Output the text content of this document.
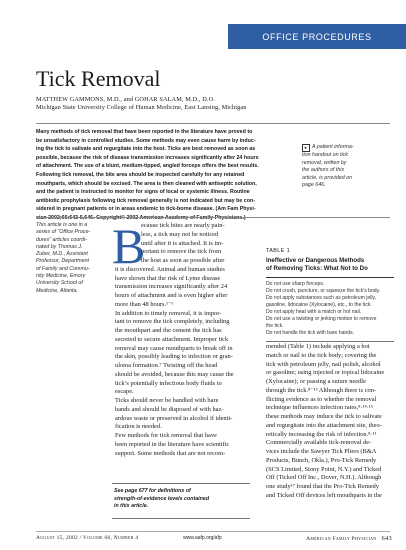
OFFICE PROCEDURES
Tick Removal
MATTHEW GAMMONS, M.D., and GOHAR SALAM, M.D., D.O.
Michigan State University College of Human Medicine, East Lansing, Michigan
Many methods of tick removal that have been reported in the literature have proved to
be unsatisfactory in controlled studies. Some methods may even cause harm by induc-
ing the tick to salivate and regurgitate into the host. Ticks are best removed as soon as
possible, because the risk of disease transmission increases significantly after 24 hours
of attachment. The use of a blunt, medium-tipped, angled forceps offers the best results.
Following tick removal, the bite area should be inspected carefully for any retained
mouthparts, which should be excised. The area is then cleaned with antiseptic solution,
and the patient is instructed to monitor for signs of local or systemic illness. Routine
antibiotic prophylaxis following tick removal generally is not indicated but may be con-
sidered in pregnant patients or in areas endemic to tick-borne disease. (Am Fam Physi-
cian 2002;66:643-5,646. Copyright© 2002 American Academy of Family Physicians.)
▸ A patient informa-
tion handout on tick
removal, written by
the authors of this
article, is provided on
page 646.
This article is one in a
series of “Office Proce-
dures” articles coordi-
nated by Thomas J.
Zuber, M.D., Assistant
Professor, Department
of Family and Commu-
nity Medicine, Emory
University School of
Medicine, Atlanta.
B
ecause tick bites are nearly pain-
less, a tick may not be noticed
until after it is attached. It is im-
portant to remove the tick from
the host as soon as possible after
it is discovered. Animal and human studies
have shown that the risk of Lyme disease
transmission increases significantly after 24
hours of attachment and is even higher after
more than 48 hours.¹⁻⁶
In addition to timely removal, it is impor-
tant to remove the tick completely, including
the mouthpart and the cement the tick has
secreted to secure attachment. Improper tick
removal may cause mouthparts to break off in
the skin, possibly leading to infection or gran-
uloma formation.⁷ Twisting off the head
should be avoided, because this may cause the
tick’s potentially infectious body fluids to
escape.
Ticks should never be handled with bare
hands and should be disposed of with haz-
ardous waste or preserved in alcohol if identi-
fication is needed.
Few methods for tick removal that have
been reported in the literature have scientific
support. Some methods that are not recom-
TABLE 1
Ineffective or Dangerous Methods
of Removing Ticks: What Not to Do
Do not use sharp forceps.
Do not crush, puncture, or squeeze the tick’s body.
Do not apply substances such as petroleum jelly,
gasoline, lidocaine (Xylocaine), etc., to the tick.
Do not apply heat with a match or hot nail.
Do not use a twisting or jerking motion to remove
the tick.
Do not handle the tick with bare hands.
mended (Table 1) include applying a hot
match or nail to the tick body; covering the
tick with petroleum jelly, nail polish, alcohol
or gasoline; using injected or topical lidocaine
(Xylocaine); or passing a suture needle
through the tick.⁸⁻¹³ Although there is con-
flicting evidence as to whether the removal
technique influences infection rates,⁸·¹⁴·¹⁵
these methods may induce the tick to salivate
and regurgitate into the attachment site, theo-
retically increasing the risk of infection.⁸·¹¹
Commercially available tick-removal de-
vices include the Sawyer Tick Pliers (B&A
Products, Bunch, Okla.), Pro-Tick Remedy
(SCS Limited, Stony Point, N.Y.) and Ticked
Off (Ticked Off Inc., Dover, N.H.). Although
one study¹⁷ found that the Pro-Tick Remedy
and Ticked Off devices left mouthparts in the
See page 677 for definitions of
strength-of-evidence levels contained
in this article.
August 15, 2002 / Volume 66, Number 4	www.aafp.org/afp	American Family Physician 643
